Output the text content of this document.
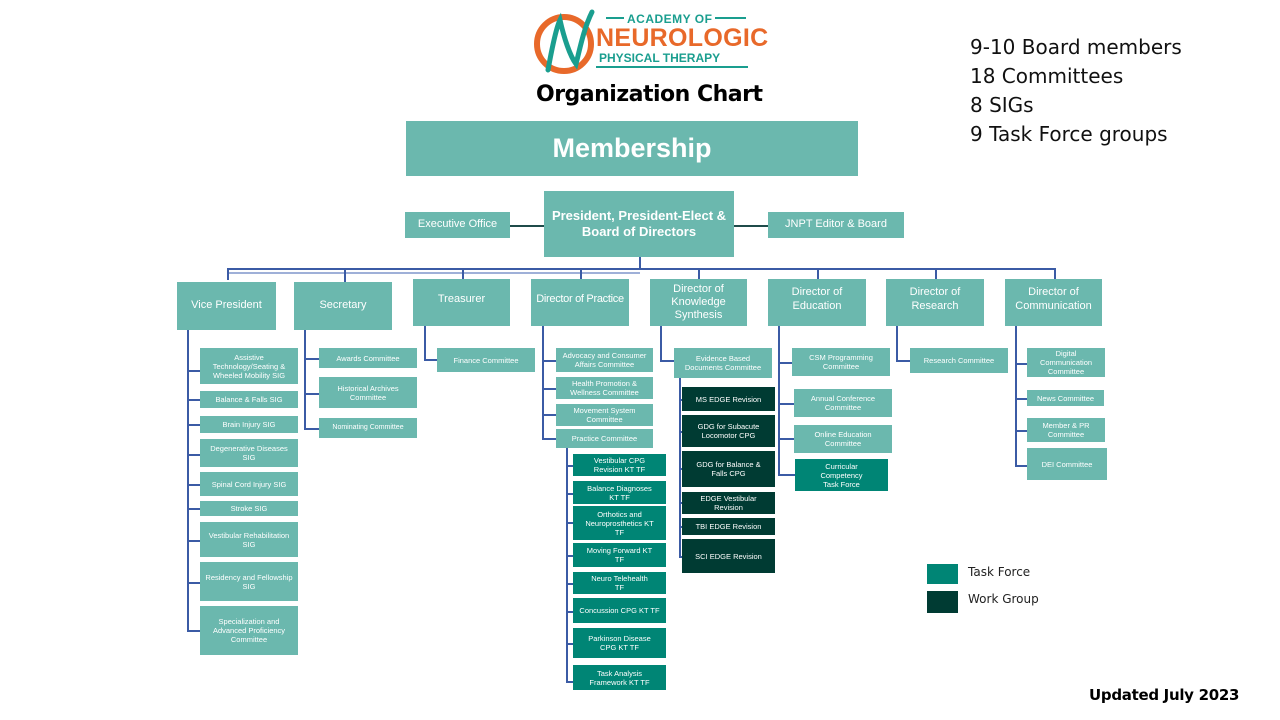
ACADEMY OF
NEUROLOGIC
PHYSICAL THERAPY
Organization Chart
9-10 Board members
18 Committees
8 SIGs
9 Task Force groups
Membership
Executive Office
President, President-Elect & Board of Directors	JNPT Editor & Board
Vice President	Secretary
Treasurer	Director of Practice
Director of Knowledge Synthesis
Director of Education
Director of Research
Director of Communication
Assistive Technology/Seating & Wheeled Mobility SIG
Balance & Falls SIG
Brain Injury SIG
Degenerative Diseases SIG
Spinal Cord Injury SIG
Stroke SIG
Vestibular Rehabilitation SIG
Residency and Fellowship SIG
Specialization and Advanced Proficiency Committee
Awards Committee
Historical Archives Committee
Nominating Committee
Finance Committee	Advocacy and Consumer Affairs Committee
Health Promotion & Wellness Committee
Movement System Committee
Practice Committee
Vestibular CPG Revision KT TF
Balance Diagnoses KT TF
Orthotics and Neuroprosthetics KT TF
Moving Forward KT TF
Neuro Telehealth TF
Concussion CPG KT TF
Parkinson Disease CPG KT TF
Task Analysis Framework KT TF
Evidence Based Documents Committee
MS EDGE Revision
GDG for Subacute Locomotor CPG
GDG for Balance & Falls CPG
EDGE Vestibular Revision
TBI EDGE Revision
SCI EDGE Revision
CSM Programming Committee
Annual Conference Committee
Online Education Committee
Curricular Competency Task Force
Research Committee
Digital Communication Committee
News Committee
Member & PR Committee
DEI Committee
Task Force
Work Group
Updated July 2023
